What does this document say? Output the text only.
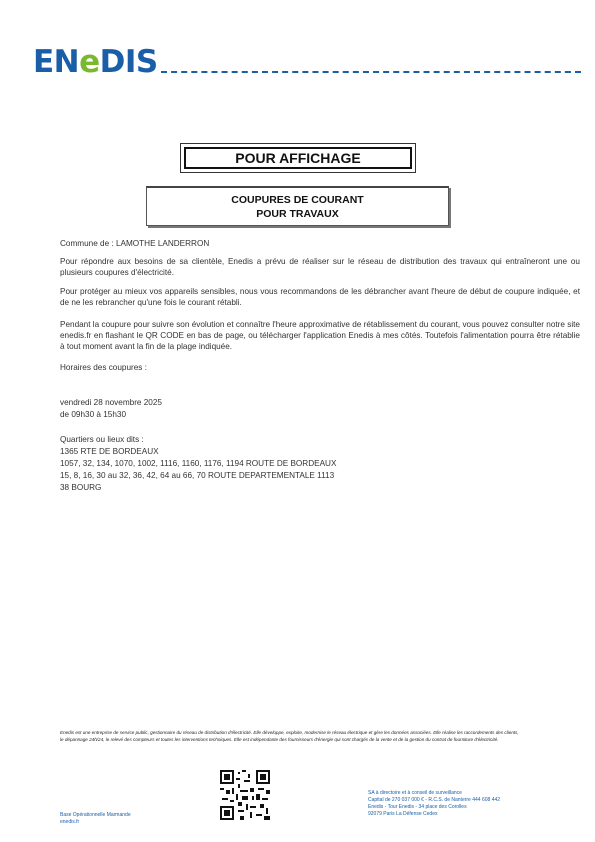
ENeDIS
POUR AFFICHAGE
COUPURES DE COURANT
POUR TRAVAUX
Commune de : LAMOTHE LANDERRON
Pour répondre aux besoins de sa clientèle, Enedis a prévu de réaliser sur le réseau de distribution des travaux qui entraîneront une ou plusieurs coupures d'électricité.
Pour protéger au mieux vos appareils sensibles, nous vous recommandons de les débrancher avant l'heure de début de coupure indiquée, et de ne les rebrancher qu'une fois le courant rétabli.
Pendant la coupure pour suivre son évolution et connaître l'heure approximative de rétablissement du courant, vous pouvez consulter notre site enedis.fr en flashant le QR CODE en bas de page, ou télécharger l'application Enedis à mes côtés. Toutefois l'alimentation pourra être rétablie à tout moment avant la fin de la plage indiquée.
Horaires des coupures :
vendredi 28 novembre 2025
de 09h30 à 15h30
Quartiers ou lieux dits :
1365 RTE DE BORDEAUX
1057, 32, 134, 1070, 1002, 1116, 1160, 1176, 1194 ROUTE DE BORDEAUX
15, 8, 16, 30 au 32, 36, 42, 64 au 66, 70 ROUTE DEPARTEMENTALE 1113
38 BOURG
Enedis est une entreprise de service public, gestionnaire du réseau de distribution d'électricité. Elle développe, exploite, modernise le réseau électrique et gère les données associées. Elle réalise les raccordements des clients, le dépannage 24h/24, le relevé des compteurs et toutes les interventions techniques. Elle est indépendante des fournisseurs d'énergie qui sont chargés de la vente et de la gestion du contrat de fourniture d'électricité.
Base Opérationnelle Marmande
enedis.fr
SA à directoire et à conseil de surveillance
Capital de 270 037 000 € - R.C.S. de Nanterre 444 608 442
Enedis - Tour Enedis - 34 place des Corolles
92079 Paris La Défense Cedex
